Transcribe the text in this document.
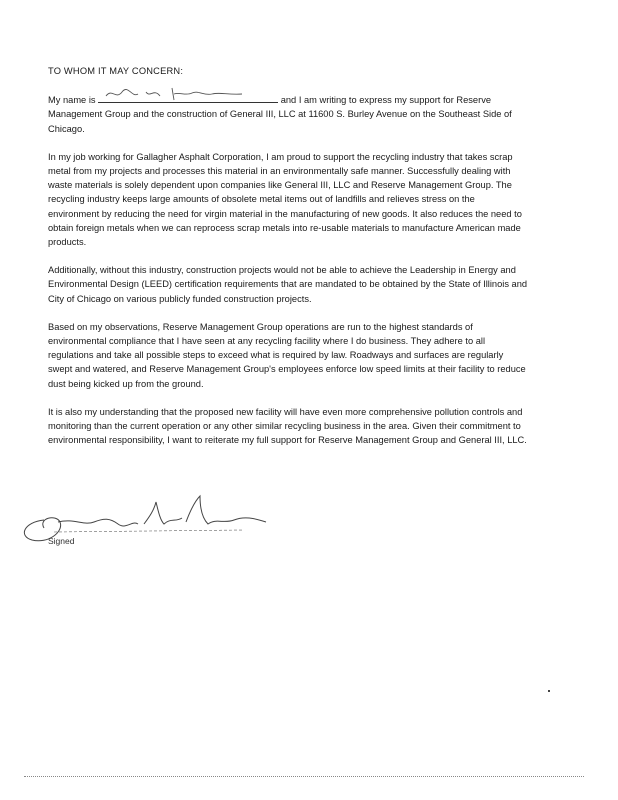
TO WHOM IT MAY CONCERN:

My name is	and I am writing to express my support for Reserve Management Group and the construction of General III, LLC at 11600 S. Burley Avenue on the Southeast Side of Chicago.

In my job working for Gallagher Asphalt Corporation, I am proud to support the recycling industry that takes scrap metal from my projects and processes this material in an environmentally safe manner. Successfully dealing with waste materials is solely dependent upon companies like General III, LLC and Reserve Management Group. The recycling industry keeps large amounts of obsolete metal items out of landfills and relieves stress on the environment by reducing the need for virgin material in the manufacturing of new goods. It also reduces the need to obtain foreign metals when we can reprocess scrap metals into re-usable materials to manufacture American made products.

Additionally, without this industry, construction projects would not be able to achieve the Leadership in Energy and Environmental Design (LEED) certification requirements that are mandated to be obtained by the State of Illinois and City of Chicago on various publicly funded construction projects.

Based on my observations, Reserve Management Group operations are run to the highest standards of environmental compliance that I have seen at any recycling facility where I do business. They adhere to all regulations and take all possible steps to exceed what is required by law. Roadways and surfaces are regularly swept and watered, and Reserve Management Group's employees enforce low speed limits at their facility to reduce dust being kicked up from the ground.

It is also my understanding that the proposed new facility will have even more comprehensive pollution controls and monitoring than the current operation or any other similar recycling business in the area. Given their commitment to environmental responsibility, I want to reiterate my full support for Reserve Management Group and General III, LLC.

Signed
